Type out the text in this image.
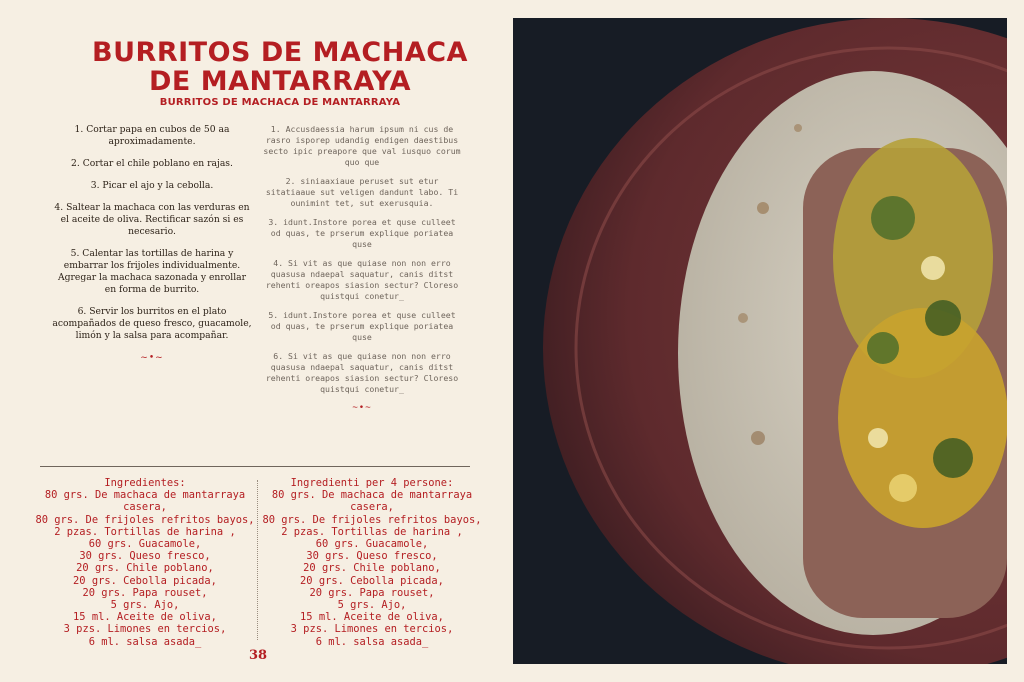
BURRITOS DE MACHACA
DE MANTARRAYA
BURRITOS DE MACHACA DE MANTARRAYA
1. Cortar papa en cubos de 50 aa aproximadamente.
2. Cortar el chile poblano en rajas.
3. Picar el ajo y la cebolla.
4. Saltear la machaca con las verduras en el aceite de oliva. Rectificar sazón si es necesario.
5. Calentar las tortillas de harina y embarrar los frijoles individualmente. Agregar la machaca sazonada y enrollar en forma de burrito.
6. Servir los burritos en el plato acompañados de queso fresco, guacamole, limón y la salsa para acompañar.
~•~
1. Accusdaessia harum ipsum ni cus de rasro isporep udandig endigen daestibus secto ipic preapore que val iusquo corum quo que
2. siniaaxiaue peruset sut etur sitatiaaue sut veligen dandunt labo. Ti ounimint tet, sut exerusquia.
3. idunt.Instore porea et quse culleet od quas, te prserum explique poriatea quse
4. Si vit as que quiase non non erro quasusa ndaepal saquatur, canis ditst rehenti oreapos siasion sectur? Cloreso quistqui conetur_
5. idunt.Instore porea et quse culleet od quas, te prserum explique poriatea quse
6. Si vit as que quiase non non erro quasusa ndaepal saquatur, canis ditst rehenti oreapos siasion sectur? Cloreso quistqui conetur_
~•~
Ingredientes:
80 grs. De machaca de mantarraya
casera,
80 grs. De frijoles refritos bayos,
2 pzas. Tortillas de harina ,
60 grs. Guacamole,
30 grs. Queso fresco,
20 grs. Chile poblano,
20 grs. Cebolla picada,
20 grs. Papa rouset,
5 grs. Ajo,
15 ml. Aceite de oliva,
3 pzs. Limones en tercios,
6 ml. salsa asada_
Ingredienti per 4 persone:
80 grs. De machaca de mantarraya
casera,
80 grs. De frijoles refritos bayos,
2 pzas. Tortillas de harina ,
60 grs. Guacamole,
30 grs. Queso fresco,
20 grs. Chile poblano,
20 grs. Cebolla picada,
20 grs. Papa rouset,
5 grs. Ajo,
15 ml. Aceite de oliva,
3 pzs. Limones en tercios,
6 ml. salsa asada_
38
